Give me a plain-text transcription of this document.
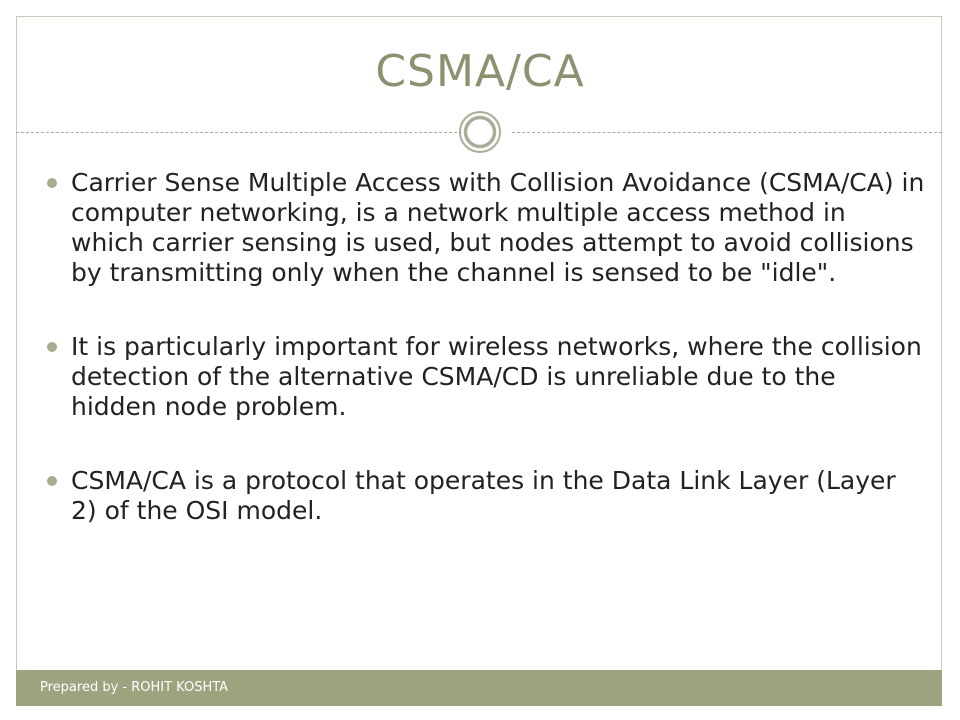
CSMA/CA
Carrier Sense Multiple Access with Collision Avoidance (CSMA/CA) in computer networking, is a network multiple access method in which carrier sensing is used, but nodes attempt to avoid collisions by transmitting only when the channel is sensed to be "idle".
It is particularly important for wireless networks, where the collision detection of the alternative CSMA/CD is unreliable due to the hidden node problem.
CSMA/CA is a protocol that operates in the Data Link Layer (Layer 2) of the OSI model.
Prepared by - ROHIT KOSHTA
